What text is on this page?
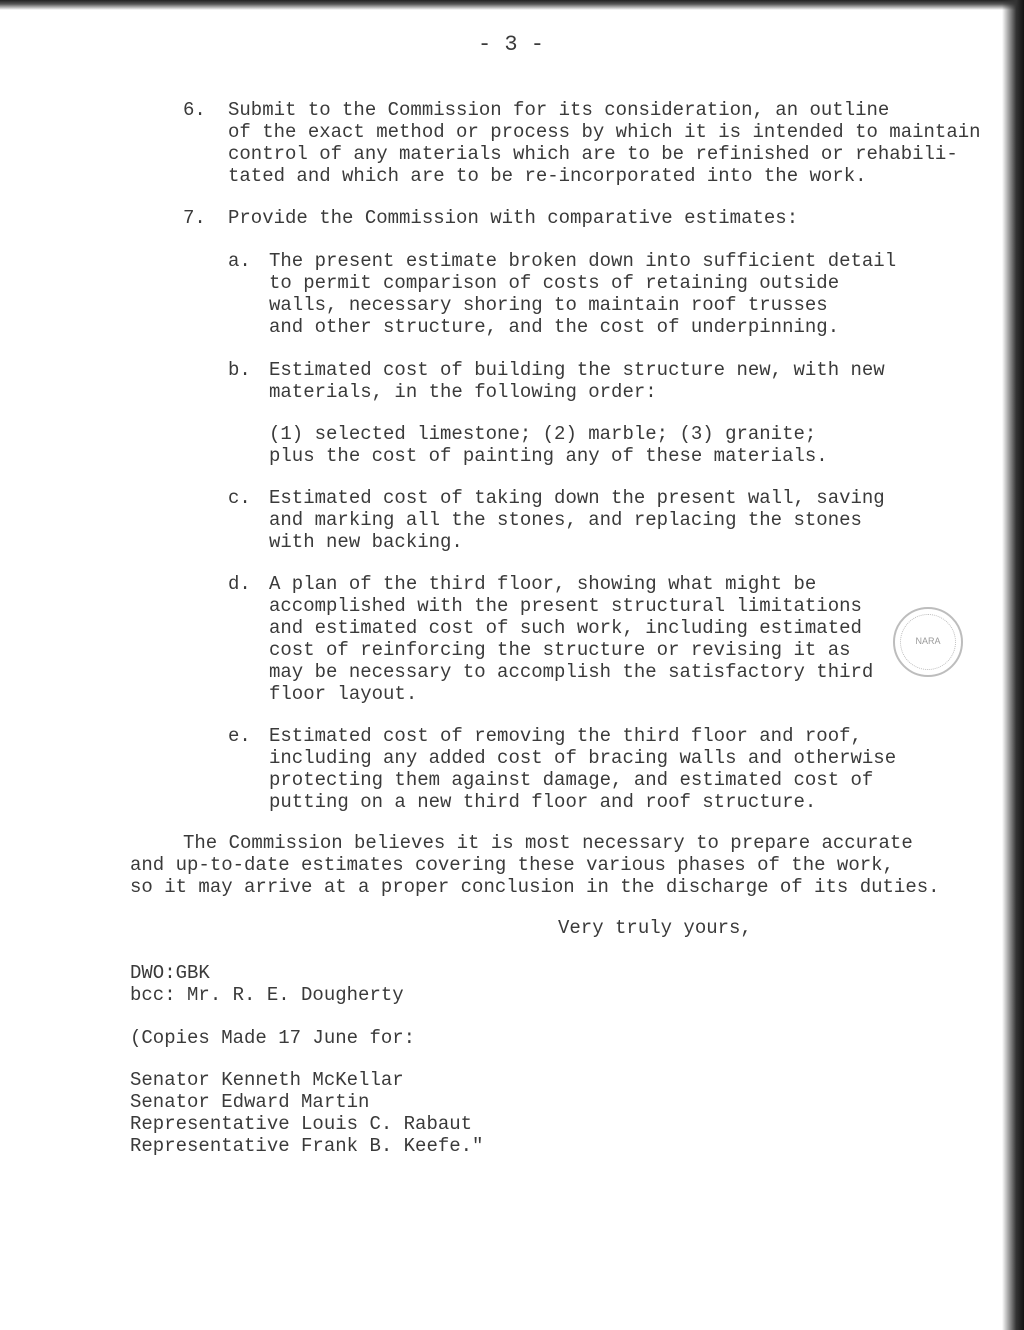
- 3 -
6. Submit to the Commission for its consideration, an outline
of the exact method or process by which it is intended to maintain
control of any materials which are to be refinished or rehabili-
tated and which are to be re-incorporated into the work.
7. Provide the Commission with comparative estimates:
a. The present estimate broken down into sufficient detail
to permit comparison of costs of retaining outside
walls, necessary shoring to maintain roof trusses
and other structure, and the cost of underpinning.
b. Estimated cost of building the structure new, with new
materials, in the following order:
(1) selected limestone; (2) marble; (3) granite;
plus the cost of painting any of these materials.
c. Estimated cost of taking down the present wall, saving
and marking all the stones, and replacing the stones
with new backing.
d. A plan of the third floor, showing what might be
accomplished with the present structural limitations
and estimated cost of such work, including estimated
cost of reinforcing the structure or revising it as
may be necessary to accomplish the satisfactory third
floor layout.
e. Estimated cost of removing the third floor and roof,
including any added cost of bracing walls and otherwise
protecting them against damage, and estimated cost of
putting on a new third floor and roof structure.
The Commission believes it is most necessary to prepare accurate
and up-to-date estimates covering these various phases of the work,
so it may arrive at a proper conclusion in the discharge of its duties.
Very truly yours,
DWO:GBK
bcc: Mr. R. E. Dougherty
(Copies Made 17 June for:
Senator Kenneth McKellar
Senator Edward Martin
Representative Louis C. Rabaut
Representative Frank B. Keefe."
NARA
